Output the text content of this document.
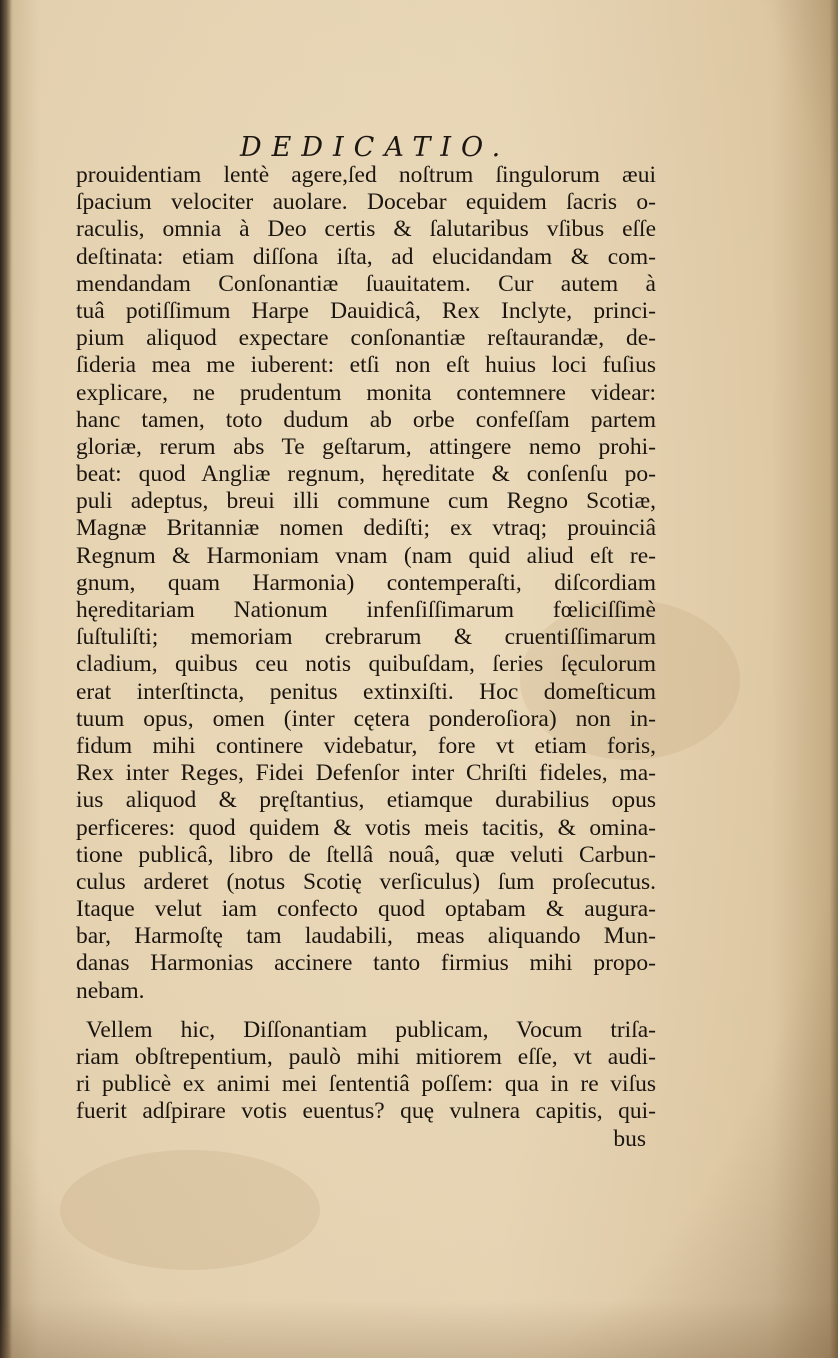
DEDICATIO.
prouidentiam lentè agere,ſed noſtrum ſingulorum æui
ſpacium velociter auolare. Docebar equidem ſacris o-
raculis, omnia à Deo certis & ſalutaribus vſibus eſſe
deſtinata: etiam diſſona iſta, ad elucidandam & com-
mendandam Conſonantiæ ſuauitatem. Cur autem à
tuâ potiſſimum Harpe Dauidicâ, Rex Inclyte, princi-
pium aliquod expectare conſonantiæ reſtaurandæ, de-
ſideria mea me iuberent: etſi non eſt huius loci fuſius
explicare, ne prudentum monita contemnere videar:
hanc tamen, toto dudum ab orbe confeſſam partem
gloriæ, rerum abs Te geſtarum, attingere nemo prohi-
beat: quod Angliæ regnum, hęreditate & conſenſu po-
puli adeptus, breui illi commune cum Regno Scotiæ,
Magnæ Britanniæ nomen dediſti; ex vtraq; prouinciâ
Regnum & Harmoniam vnam (nam quid aliud eſt re-
gnum, quam Harmonia) contemperaſti, diſcordiam
hęreditariam Nationum infenſiſſimarum fœliciſſimè
ſuſtuliſti; memoriam crebrarum & cruentiſſimarum
cladium, quibus ceu notis quibuſdam, ſeries ſęculorum
erat interſtincta, penitus extinxiſti. Hoc domeſticum
tuum opus, omen (inter cętera ponderoſiora) non in-
fidum mihi continere videbatur, fore vt etiam foris,
Rex inter Reges, Fidei Defenſor inter Chriſti fideles, ma-
ius aliquod & pręſtantius, etiamque durabilius opus
perficeres: quod quidem & votis meis tacitis, & omina-
tione publicâ, libro de ſtellâ nouâ, quæ veluti Carbun-
culus arderet (notus Scotię verſiculus) ſum proſecutus.
Itaque velut iam confecto quod optabam & augura-
bar, Harmoſtę tam laudabili, meas aliquando Mun-
danas Harmonias accinere tanto firmius mihi propo-
nebam.
Vellem hic, Diſſonantiam publicam, Vocum triſa-
riam obſtrepentium, paulò mihi mitiorem eſſe, vt audi-
ri publicè ex animi mei ſententiâ poſſem: qua in re viſus
fuerit adſpirare votis euentus? quę vulnera capitis, qui-
bus
